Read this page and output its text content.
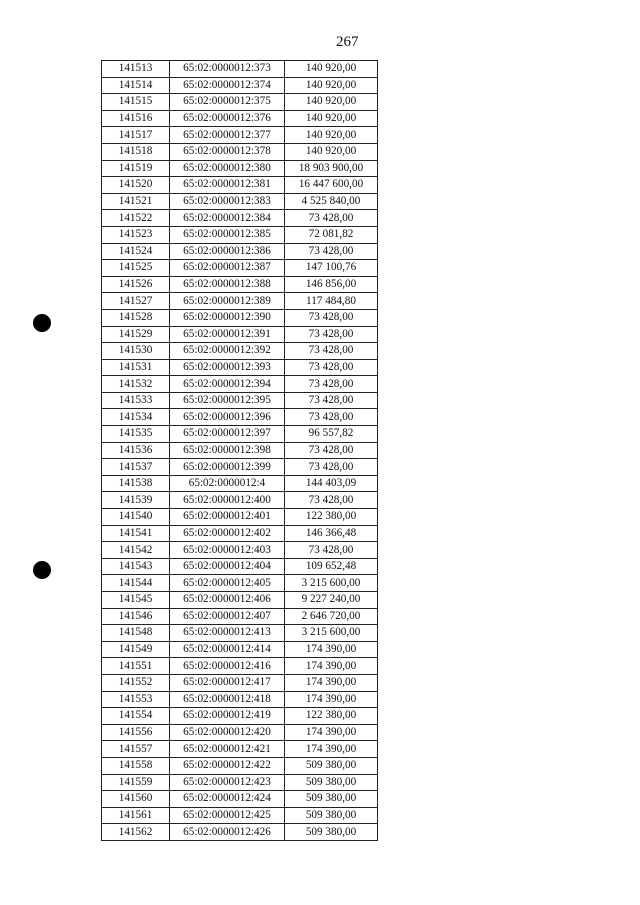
267
141513	65:02:0000012:373	140 920,00
141514	65:02:0000012:374	140 920,00
141515	65:02:0000012:375	140 920,00
141516	65:02:0000012:376	140 920,00
141517	65:02:0000012:377	140 920,00
141518	65:02:0000012:378	140 920,00
141519	65:02:0000012:380	18 903 900,00
141520	65:02:0000012:381	16 447 600,00
141521	65:02:0000012:383	4 525 840,00
141522	65:02:0000012:384	73 428,00
141523	65:02:0000012:385	72 081,82
141524	65:02:0000012:386	73 428,00
141525	65:02:0000012:387	147 100,76
141526	65:02:0000012:388	146 856,00
141527	65:02:0000012:389	117 484,80
141528	65:02:0000012:390	73 428,00
141529	65:02:0000012:391	73 428,00
141530	65:02:0000012:392	73 428,00
141531	65:02:0000012:393	73 428,00
141532	65:02:0000012:394	73 428,00
141533	65:02:0000012:395	73 428,00
141534	65:02:0000012:396	73 428,00
141535	65:02:0000012:397	96 557,82
141536	65:02:0000012:398	73 428,00
141537	65:02:0000012:399	73 428,00
141538	65:02:0000012:4	144 403,09
141539	65:02:0000012:400	73 428,00
141540	65:02:0000012:401	122 380,00
141541	65:02:0000012:402	146 366,48
141542	65:02:0000012:403	73 428,00
141543	65:02:0000012:404	109 652,48
141544	65:02:0000012:405	3 215 600,00
141545	65:02:0000012:406	9 227 240,00
141546	65:02:0000012:407	2 646 720,00
141548	65:02:0000012:413	3 215 600,00
141549	65:02:0000012:414	174 390,00
141551	65:02:0000012:416	174 390,00
141552	65:02:0000012:417	174 390,00
141553	65:02:0000012:418	174 390,00
141554	65:02:0000012:419	122 380,00
141556	65:02:0000012:420	174 390,00
141557	65:02:0000012:421	174 390,00
141558	65:02:0000012:422	509 380,00
141559	65:02:0000012:423	509 380,00
141560	65:02:0000012:424	509 380,00
141561	65:02:0000012:425	509 380,00
141562	65:02:0000012:426	509 380,00
